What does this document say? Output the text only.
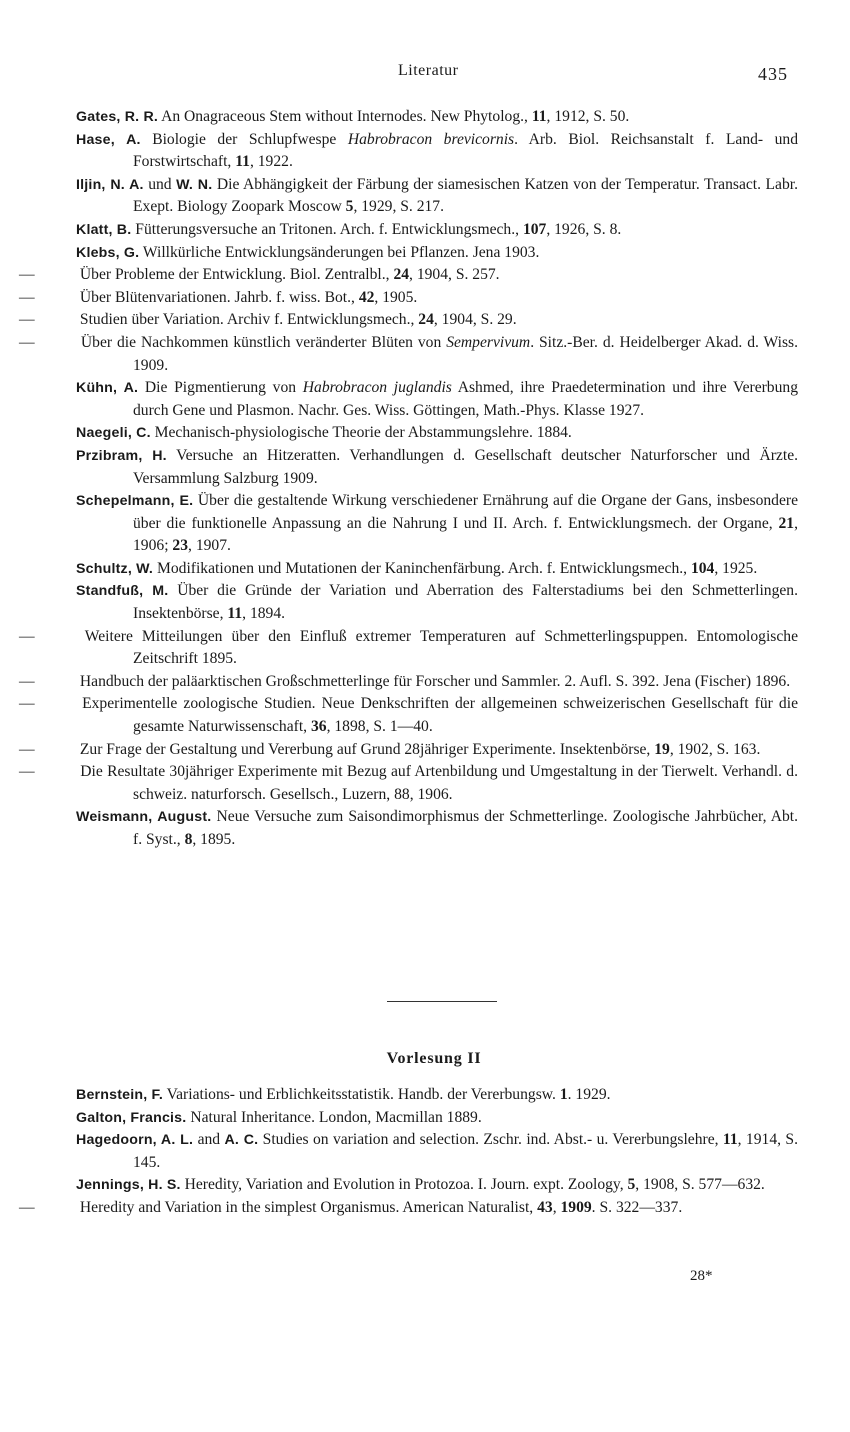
Literatur	435

Gates, R. R. An Onagraceous Stem without Internodes. New Phytolog., 11, 1912, S. 50.

Hase, A. Biologie der Schlupfwespe Habrobracon brevicornis. Arb. Biol. Reichsanstalt f. Land- und Forstwirtschaft, 11, 1922.

Iljin, N. A. und W. N. Die Abhängigkeit der Färbung der siamesischen Katzen von der Temperatur. Transact. Labr. Exept. Biology Zoopark Moscow 5, 1929, S. 217.

Klatt, B. Fütterungsversuche an Tritonen. Arch. f. Entwicklungsmech., 107, 1926, S. 8.

Klebs, G. Willkürliche Entwicklungsänderungen bei Pflanzen. Jena 1903.

—	Über Probleme der Entwicklung. Biol. Zentralbl., 24, 1904, S. 257.

—	Über Blütenvariationen. Jahrb. f. wiss. Bot., 42, 1905.

—	Studien über Variation. Archiv f. Entwicklungsmech., 24, 1904, S. 29.

—	Über die Nachkommen künstlich veränderter Blüten von Sempervivum. Sitz.-Ber. d. Heidelberger Akad. d. Wiss. 1909.

Kühn, A. Die Pigmentierung von Habrobracon juglandis Ashmed, ihre Praedetermination und ihre Vererbung durch Gene und Plasmon. Nachr. Ges. Wiss. Göttingen, Math.-Phys. Klasse 1927.

Naegeli, C. Mechanisch-physiologische Theorie der Abstammungslehre. 1884.

Przibram, H. Versuche an Hitzeratten. Verhandlungen d. Gesellschaft deutscher Naturforscher und Ärzte. Versammlung Salzburg 1909.

Schepelmann, E. Über die gestaltende Wirkung verschiedener Ernährung auf die Organe der Gans, insbesondere über die funktionelle Anpassung an die Nahrung I und II. Arch. f. Entwicklungsmech. der Organe, 21, 1906; 23, 1907.

Schultz, W. Modifikationen und Mutationen der Kaninchenfärbung. Arch. f. Entwicklungsmech., 104, 1925.

Standfuß, M. Über die Gründe der Variation und Aberration des Falterstadiums bei den Schmetterlingen. Insektenbörse, 11, 1894.

—	Weitere Mitteilungen über den Einfluß extremer Temperaturen auf Schmetterlingspuppen. Entomologische Zeitschrift 1895.

—	Handbuch der paläarktischen Großschmetterlinge für Forscher und Sammler. 2. Aufl. S. 392. Jena (Fischer) 1896.

—	Experimentelle zoologische Studien. Neue Denkschriften der allgemeinen schweizerischen Gesellschaft für die gesamte Naturwissenschaft, 36, 1898, S. 1—40.

—	Zur Frage der Gestaltung und Vererbung auf Grund 28jähriger Experimente. Insektenbörse, 19, 1902, S. 163.

—	Die Resultate 30jähriger Experimente mit Bezug auf Artenbildung und Umgestaltung in der Tierwelt. Verhandl. d. schweiz. naturforsch. Gesellsch., Luzern, 88, 1906.

Weismann, August. Neue Versuche zum Saisondimorphismus der Schmetterlinge. Zoologische Jahrbücher, Abt. f. Syst., 8, 1895.

Vorlesung II

Bernstein, F. Variations- und Erblichkeitsstatistik. Handb. der Vererbungsw. 1. 1929.

Galton, Francis. Natural Inheritance. London, Macmillan 1889.

Hagedoorn, A. L. and A. C. Studies on variation and selection. Zschr. ind. Abst.- u. Vererbungslehre, 11, 1914, S. 145.

Jennings, H. S. Heredity, Variation and Evolution in Protozoa. I. Journ. expt. Zoology, 5, 1908, S. 577—632.

—	Heredity and Variation in the simplest Organismus. American Naturalist, 43, 1909. S. 322—337.

28*
